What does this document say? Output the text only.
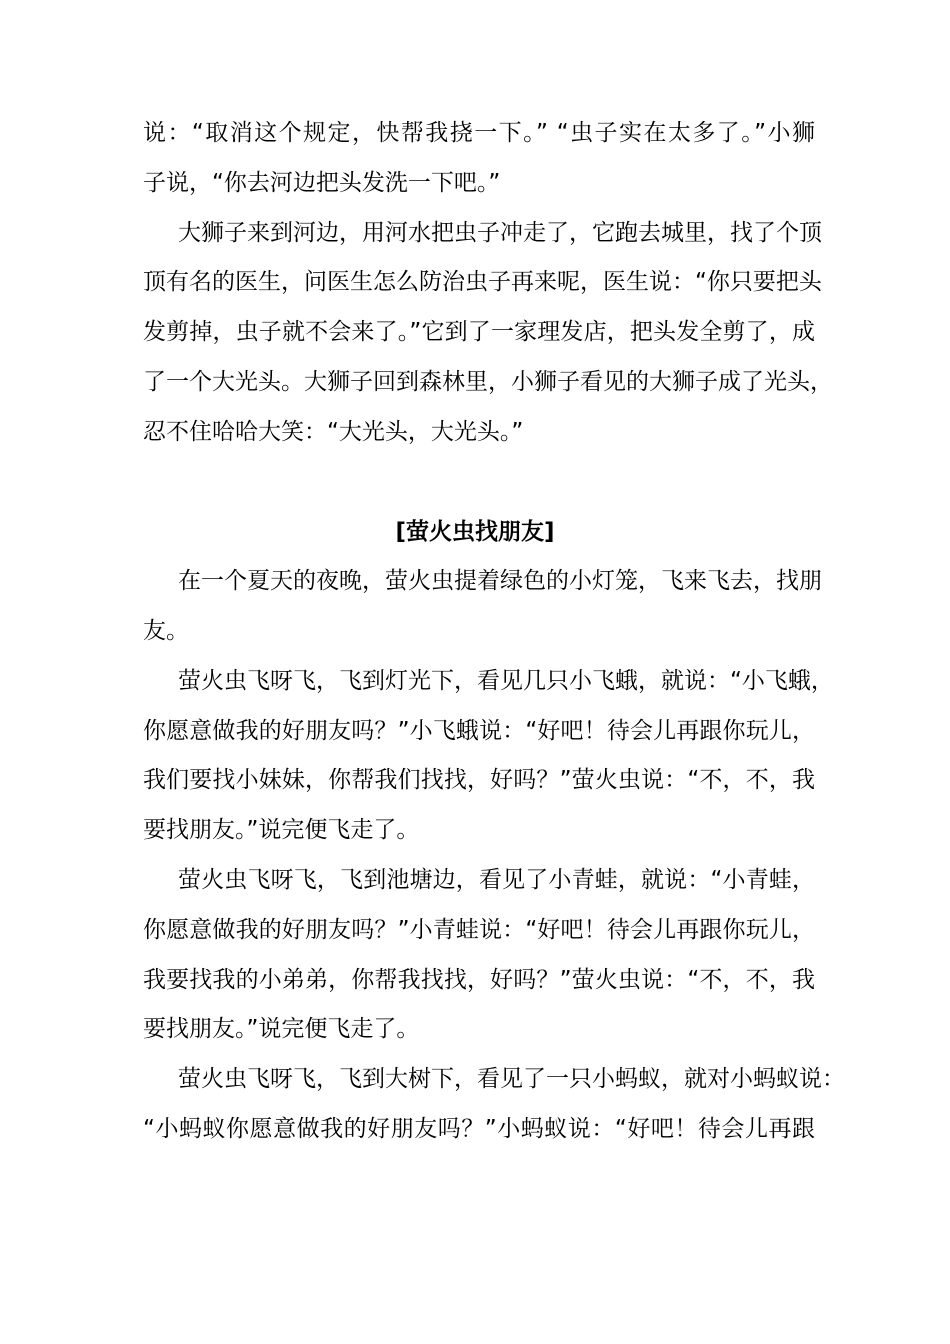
说：“取消这个规定，快帮我挠一下。” “虫子实在太多了。”小狮
子说，“你去河边把头发洗一下吧。”
大狮子来到河边，用河水把虫子冲走了，它跑去城里，找了个顶
顶有名的医生，问医生怎么防治虫子再来呢，医生说：“你只要把头
发剪掉，虫子就不会来了。”它到了一家理发店，把头发全剪了，成
了一个大光头。大狮子回到森林里，小狮子看见的大狮子成了光头，
忍不住哈哈大笑：“大光头，大光头。”
[萤火虫找朋友]
在一个夏天的夜晚，萤火虫提着绿色的小灯笼，飞来飞去，找朋
友。
萤火虫飞呀飞，飞到灯光下，看见几只小飞蛾，就说：“小飞蛾，
你愿意做我的好朋友吗？”小飞蛾说：“好吧！待会儿再跟你玩儿，
我们要找小妹妹，你帮我们找找，好吗？”萤火虫说：“不，不，我
要找朋友。”说完便飞走了。
萤火虫飞呀飞，飞到池塘边，看见了小青蛙，就说：“小青蛙，
你愿意做我的好朋友吗？”小青蛙说：“好吧！待会儿再跟你玩儿，
我要找我的小弟弟，你帮我找找，好吗？”萤火虫说：“不，不，我
要找朋友。”说完便飞走了。
萤火虫飞呀飞，飞到大树下，看见了一只小蚂蚁，就对小蚂蚁说：
“小蚂蚁你愿意做我的好朋友吗？”小蚂蚁说：“好吧！待会儿再跟
